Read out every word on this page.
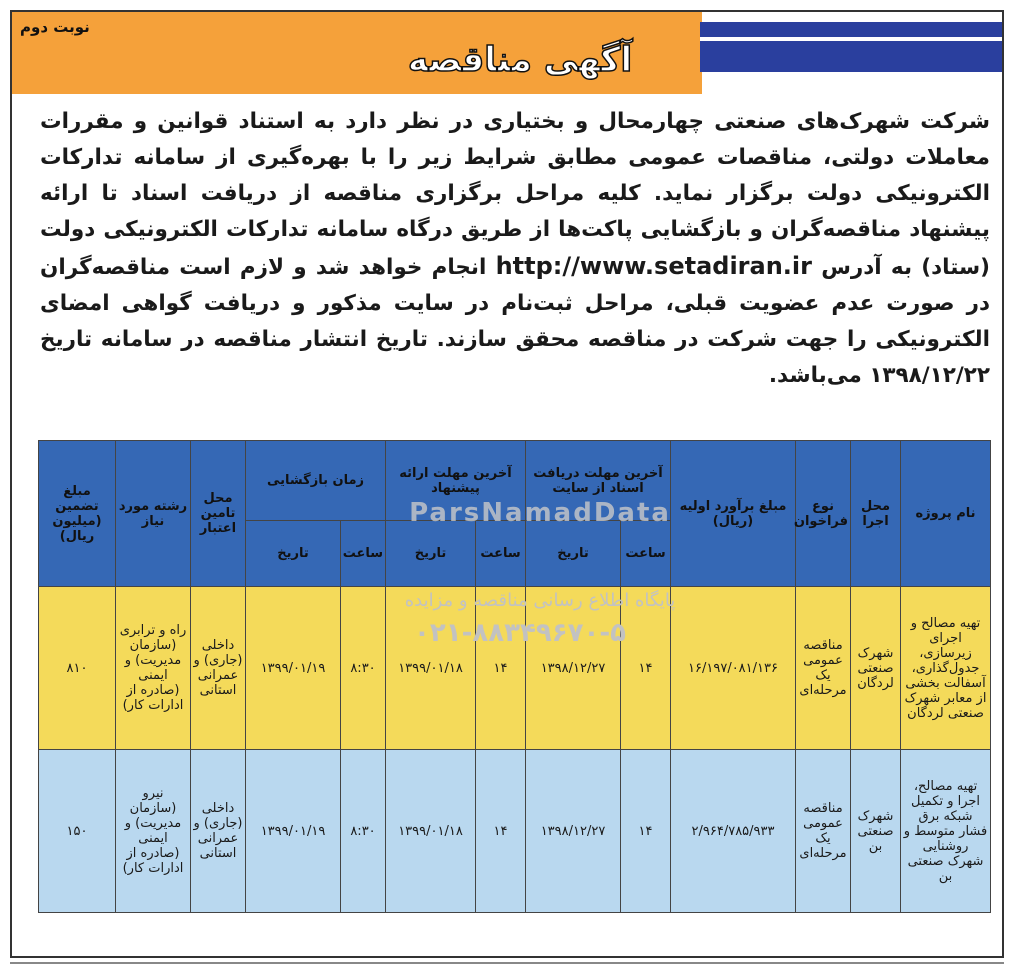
نوبت دوم
آگهی مناقصه
شرکت شهرک‌های صنعتی چهارمحال و بختیاری در نظر دارد به استناد قوانین و مقررات معاملات دولتی، مناقصات عمومی مطابق شرایط زیر را با بهره‌گیری از سامانه تدارکات الکترونیکی دولت برگزار نماید. کلیه مراحل برگزاری مناقصه از دریافت اسناد تا ارائه پیشنهاد مناقصه‌گران و بازگشایی پاکت‌ها از طریق درگاه سامانه تدارکات الکترونیکی دولت (ستاد) به آدرس http://www.setadiran.ir انجام خواهد شد و لازم است مناقصه‌گران در صورت عدم عضویت قبلی، مراحل ثبت‌نام در سایت مذکور و دریافت گواهی امضای الکترونیکی را جهت شرکت در مناقصه محقق سازند. تاریخ انتشار مناقصه در سامانه تاریخ ۱۳۹۸/۱۲/۲۲ می‌باشد.
نام پروژه	محل اجرا	نوع فراخوان	مبلغ برآورد اولیه (ریال)	آخرین مهلت دریافت اسناد از سایت		آخرین مهلت ارائه پیشنهاد		زمان بازگشایی		محل تامین اعتبار	رشته مورد نیاز	مبلغ تضمین (میلیون ریال)
				ساعت	تاریخ	ساعت	تاریخ	ساعت	تاریخ			
تهیه مصالح و اجرای زیرسازی، جدول‌گذاری، آسفالت بخشی از معابر شهرک صنعتی لردگان	شهرک صنعتی لردگان	مناقصه عمومی یک مرحله‌ای	۱۶/۱۹۷/۰۸۱/۱۳۶	۱۴	۱۳۹۸/۱۲/۲۷	۱۴	۱۳۹۹/۰۱/۱۸	۸:۳۰	۱۳۹۹/۰۱/۱۹	داخلی (جاری) و عمرانی استانی	راه و ترابری (سازمان مدیریت) و ایمنی (صادره از ادارات کار)	۸۱۰
تهیه مصالح، اجرا و تکمیل شبکه برق فشار متوسط و روشنایی شهرک صنعتی بن	شهرک صنعتی بن	مناقصه عمومی یک مرحله‌ای	۲/۹۶۴/۷۸۵/۹۳۳	۱۴	۱۳۹۸/۱۲/۲۷	۱۴	۱۳۹۹/۰۱/۱۸	۸:۳۰	۱۳۹۹/۰۱/۱۹	داخلی (جاری) و عمرانی استانی	نیرو (سازمان مدیریت) و ایمنی (صادره از ادارات کار)	۱۵۰
ParsNamadData
پایگاه اطلاع رسانی مناقصه و مزایده
۰۲۱-۸۸۳۴۹۶۷۰-۵
